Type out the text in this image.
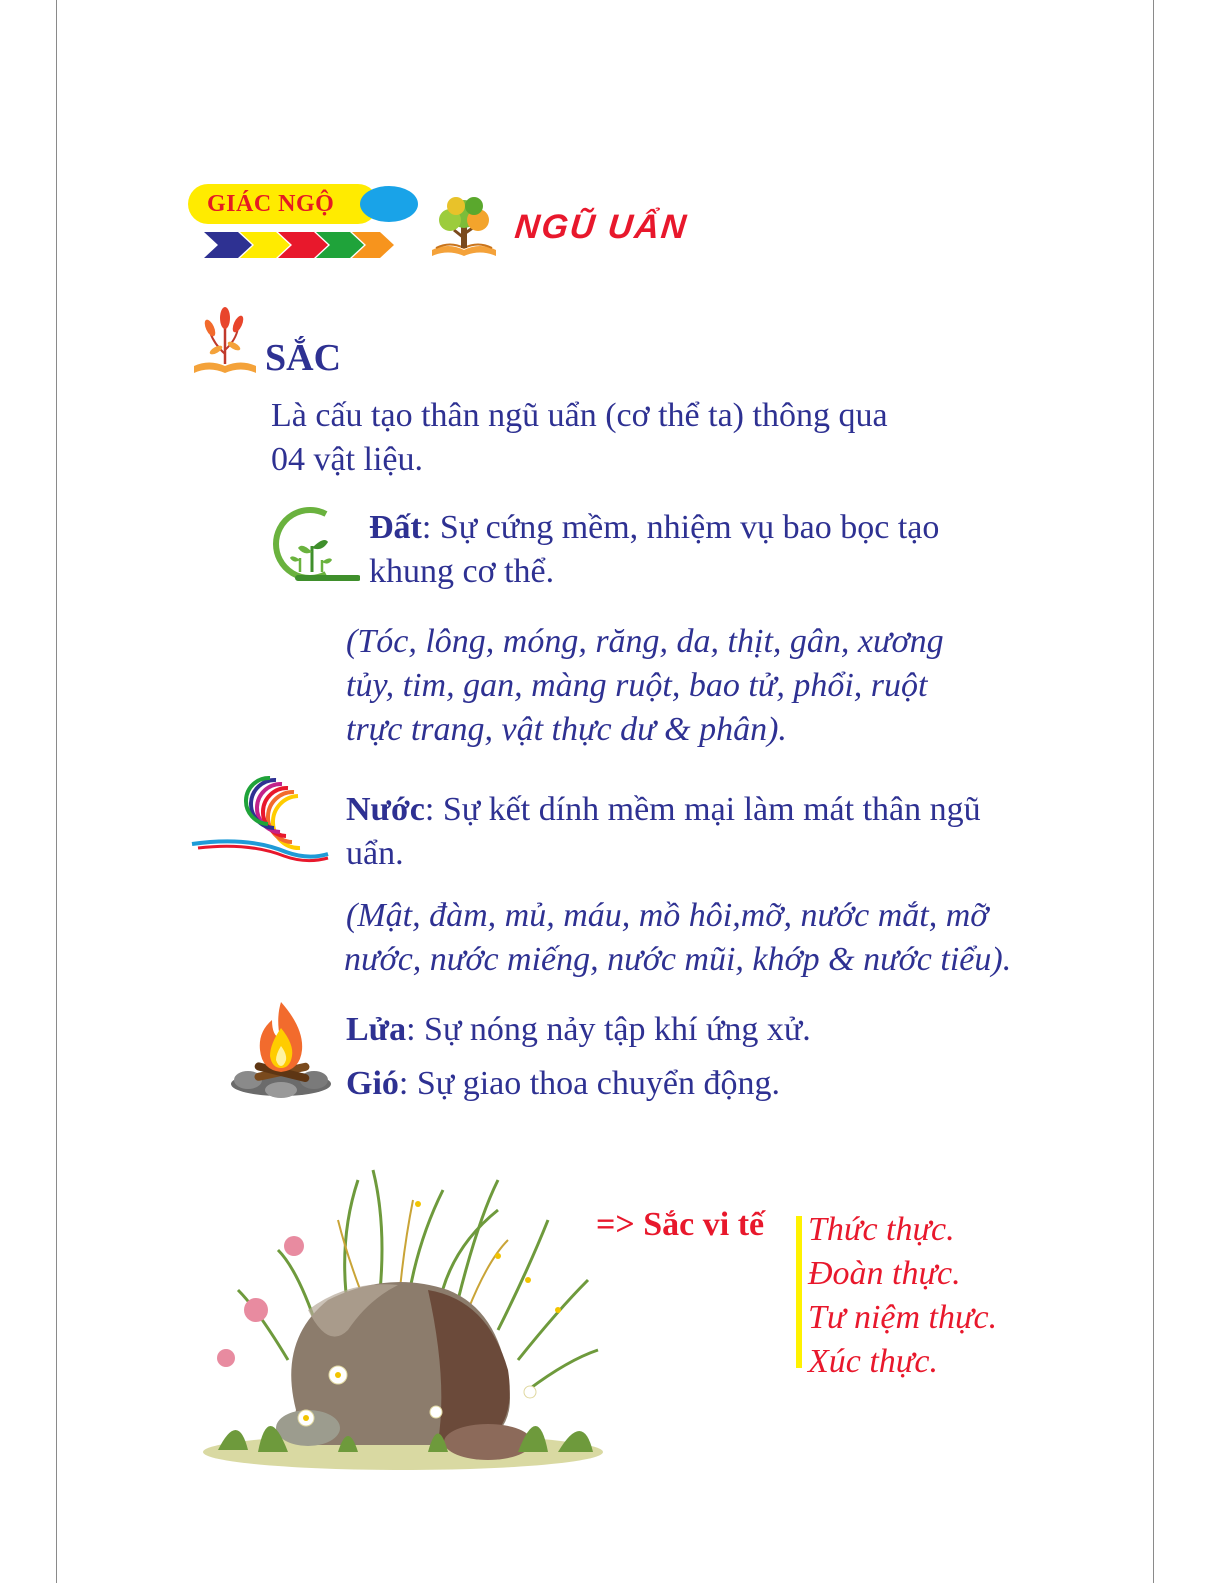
GIÁC NGỘ
NGŨ UẨN
SẮC
Là cấu tạo thân ngũ uẩn (cơ thể ta) thông qua
04 vật liệu.
Đất: Sự cứng mềm, nhiệm vụ bao bọc tạo
khung cơ thể.
(Tóc, lông, móng, răng, da, thịt, gân, xương
tủy, tim, gan, màng ruột, bao tử, phổi, ruột
trực trang, vật thực dư & phân).
Nước: Sự kết dính mềm mại làm mát thân ngũ
uẩn.
(Mật, đàm, mủ, máu, mồ hôi,mỡ, nước mắt, mỡ
nước, nước miếng, nước mũi, khớp & nước tiểu).
Lửa: Sự nóng nảy tập khí ứng xử.
Gió: Sự giao thoa chuyển động.
=> Sắc vi tế Thức thực.
Đoàn thực.
Tư niệm thực.
Xúc thực.
